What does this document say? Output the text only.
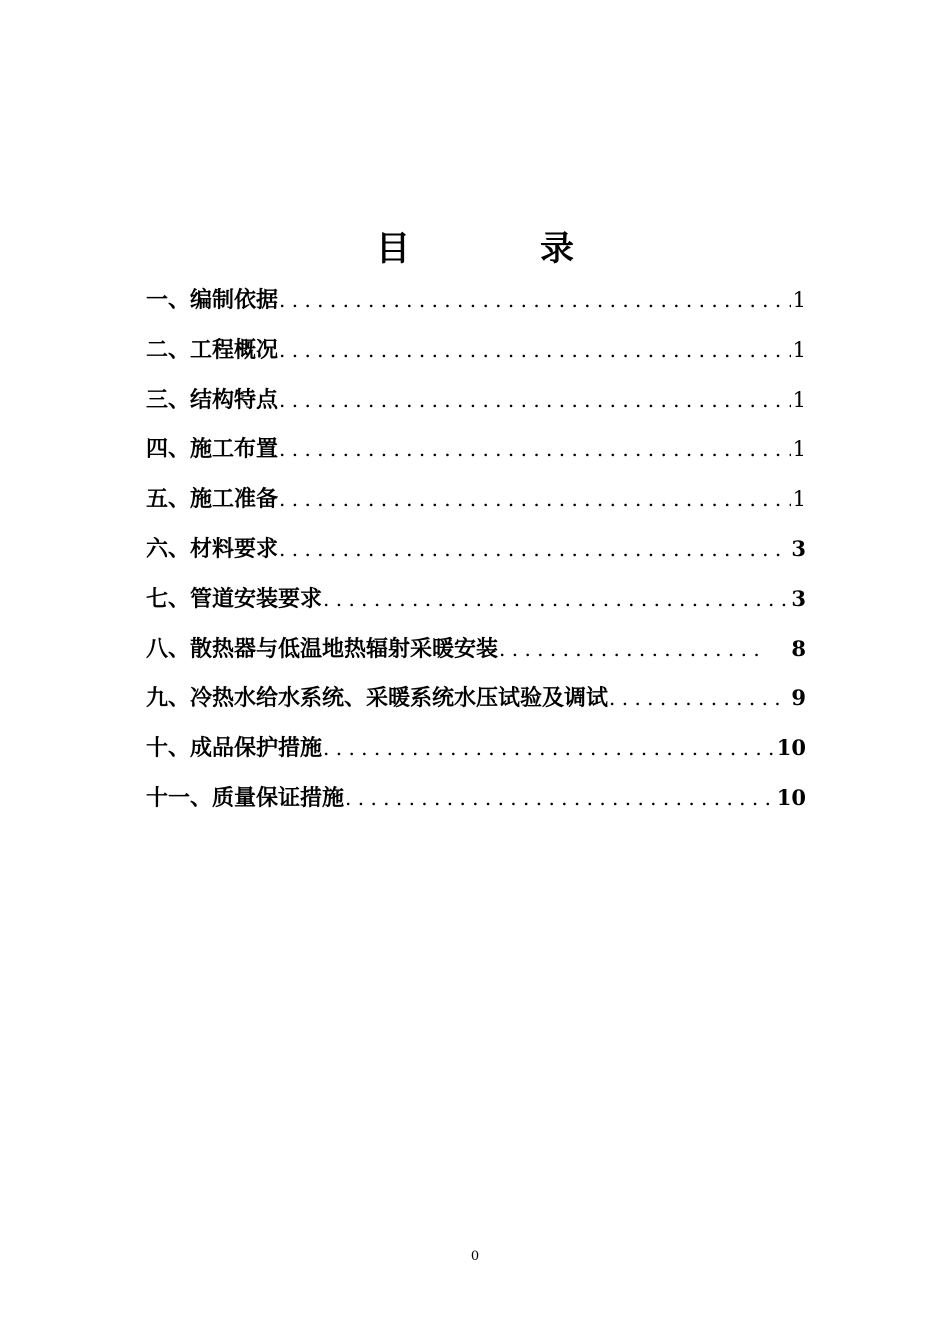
目　录
一、编制依据 . . .	1
二、工程概况 . . .	1
三、结构特点 . . .	1
四、施工布置 . . .	1
五、施工准备 . . .	1
六、材料要求 . . .	3
七、管道安装要求 . . .	3
八、散热器与低温地热辐射采暖安装 . . .	8
九、冷热水给水系统、采暖系统水压试验及调试 . . .	9
十、成品保护措施 . . .	10
十一、质量保证措施 . . .	10
0
